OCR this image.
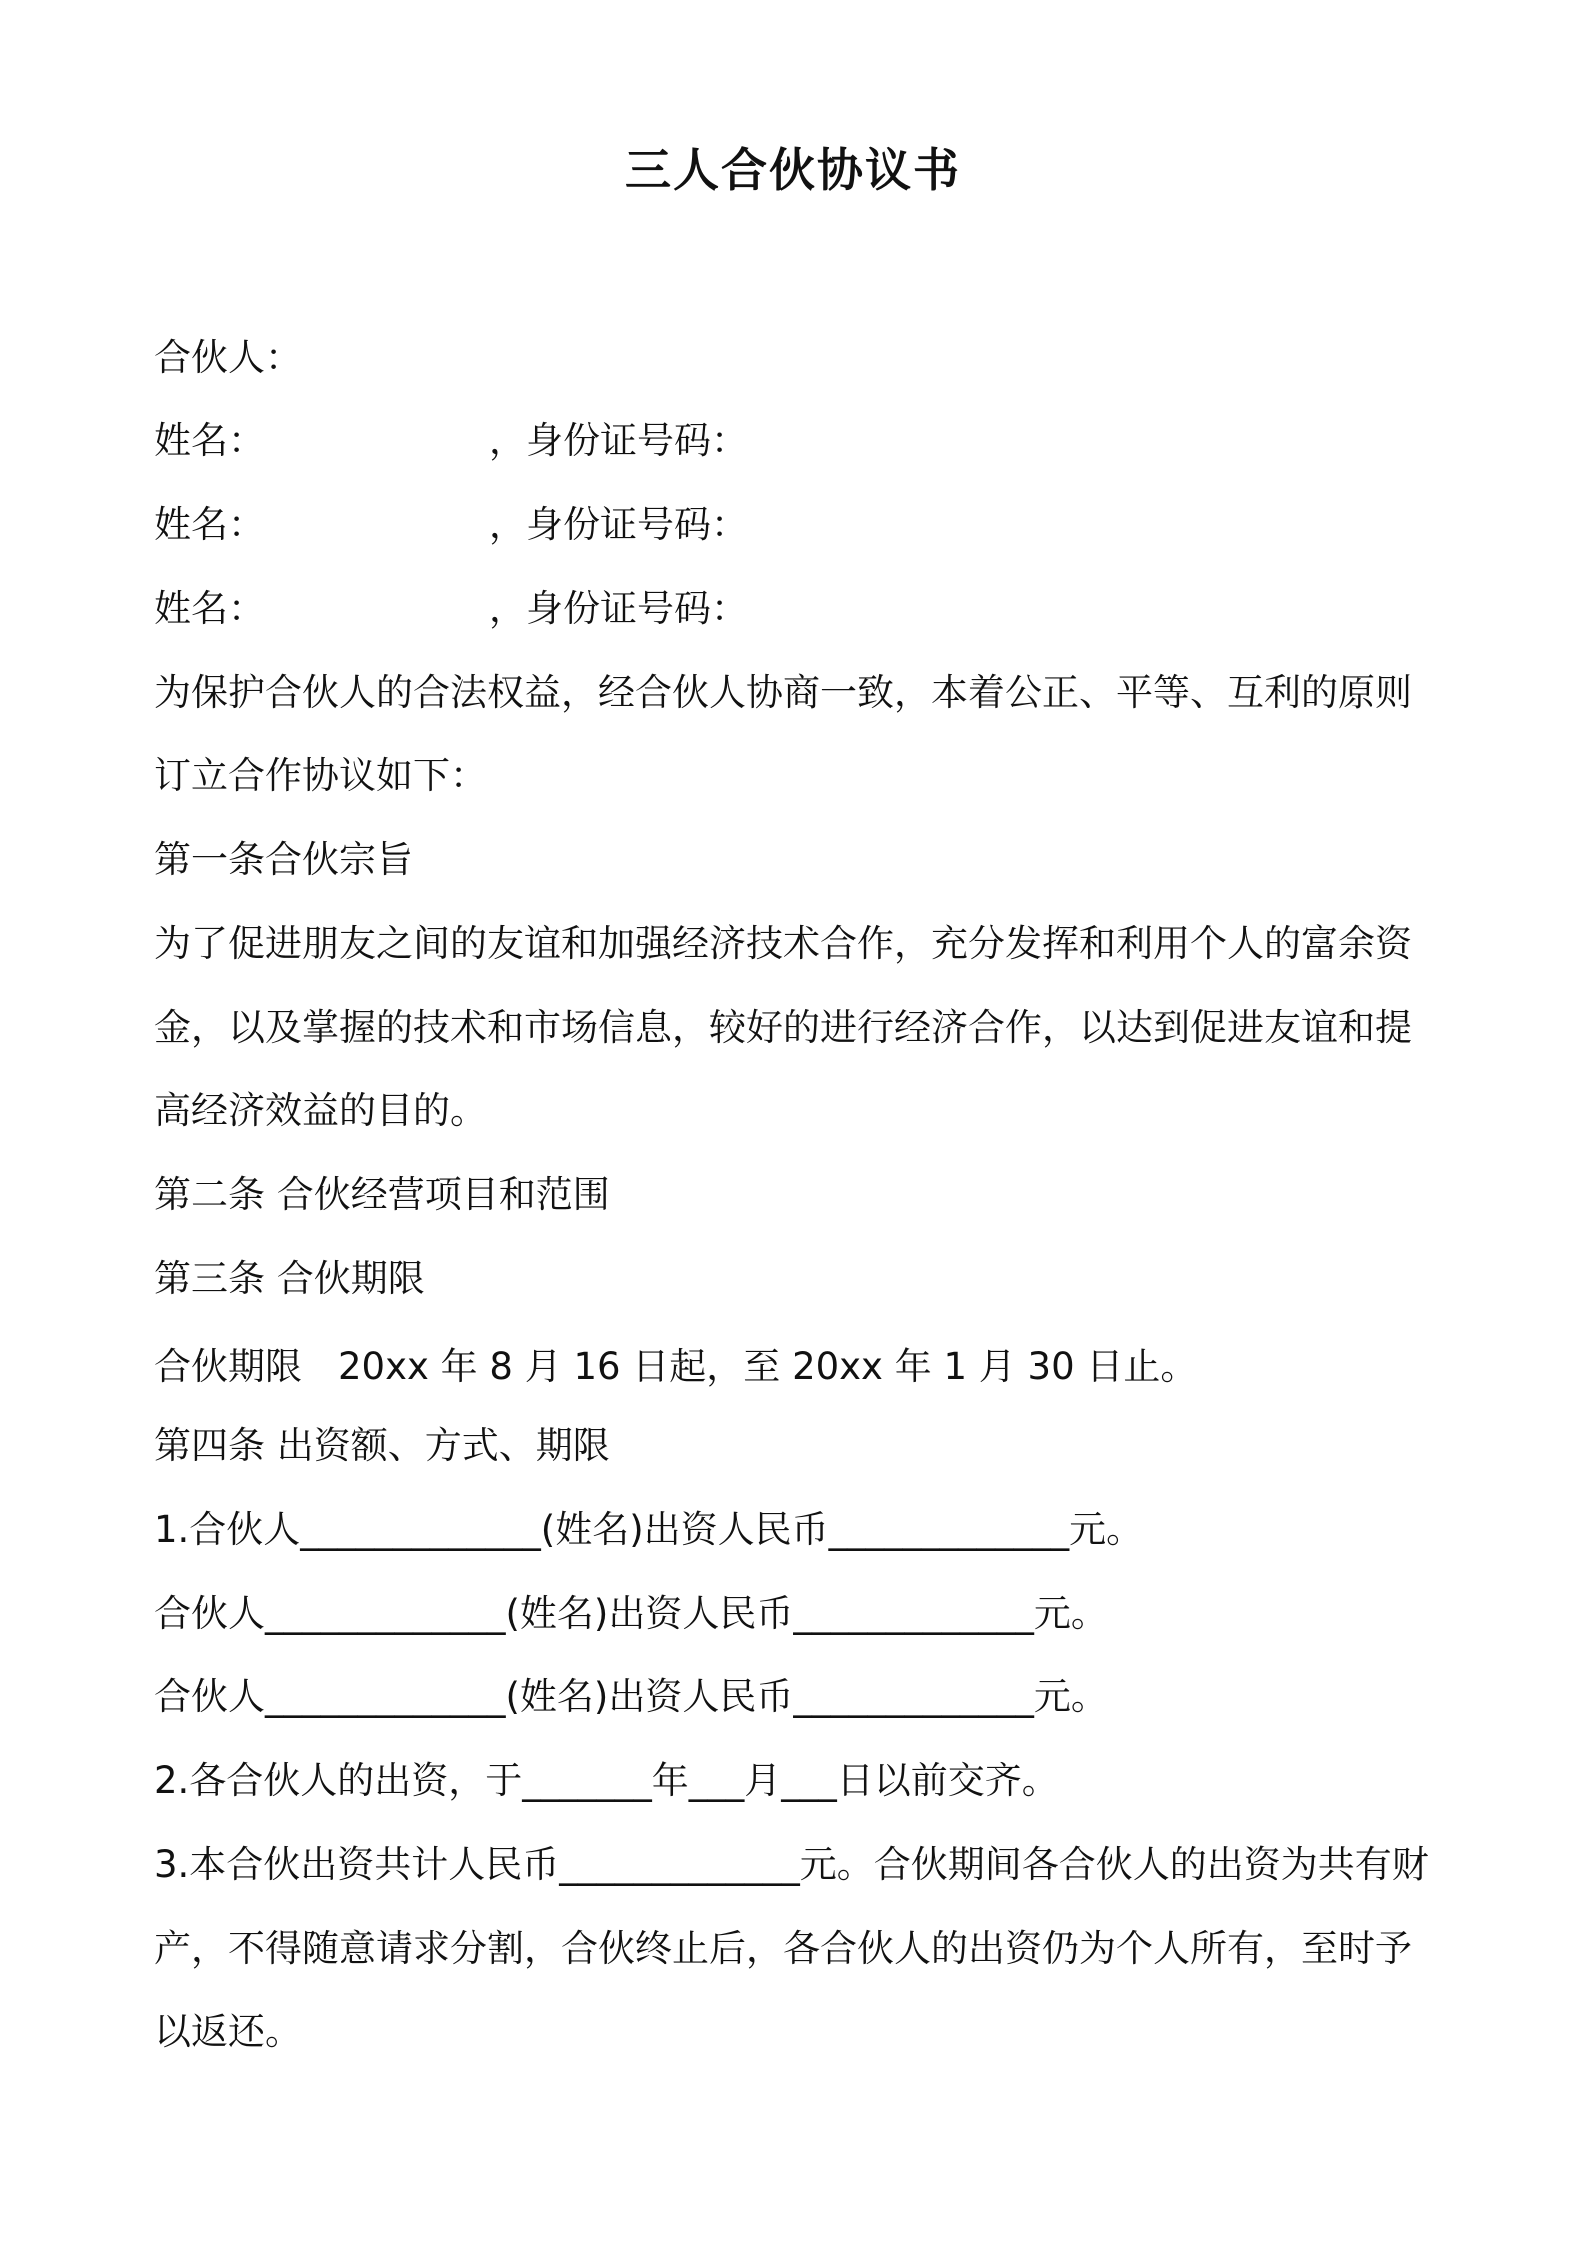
三人合伙协议书
合伙人：
姓名：	，身份证号码：
姓名：	，身份证号码：
姓名：	，身份证号码：
为保护合伙人的合法权益，经合伙人协商一致，本着公正、平等、互利的原则
订立合作协议如下：
第一条合伙宗旨
为了促进朋友之间的友谊和加强经济技术合作，充分发挥和利用个人的富余资
金，以及掌握的技术和市场信息，较好的进行经济合作，以达到促进友谊和提
高经济效益的目的。
第二条 合伙经营项目和范围
第三条 合伙期限
合伙期限 20xx 年 8 月 16 日起，至 20xx 年 1 月 30 日止。
第四条 出资额、方式、期限
1.合伙人_____________(姓名)出资人民币_____________元。
合伙人_____________(姓名)出资人民币_____________元。
合伙人_____________(姓名)出资人民币_____________元。
2.各合伙人的出资，于_______年___月___日以前交齐。
3.本合伙出资共计人民币_____________元。合伙期间各合伙人的出资为共有财
产，不得随意请求分割，合伙终止后，各合伙人的出资仍为个人所有，至时予
以返还。
